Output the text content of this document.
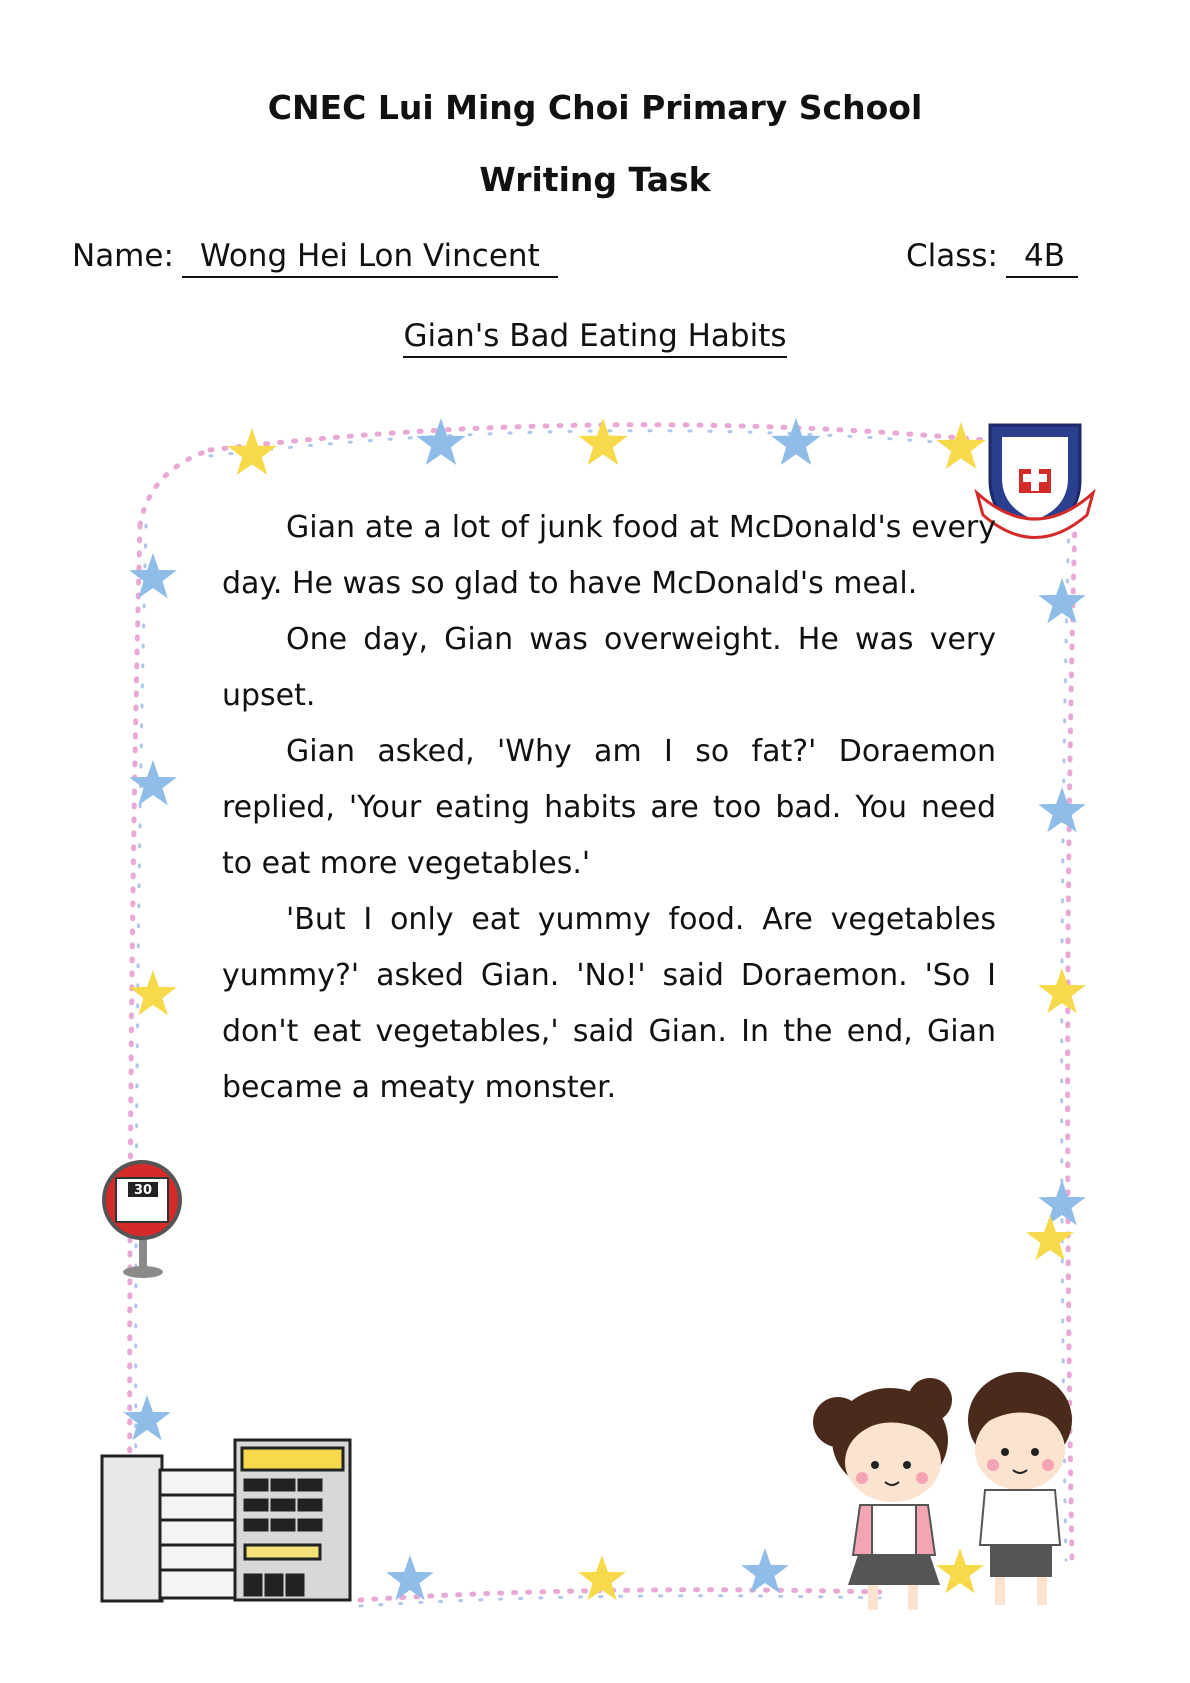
30
CNEC Lui Ming Choi Primary School
Writing Task
Name: Wong Hei Lon Vincent	Class: 4B
Gian's Bad Eating Habits

Gian ate a lot of junk food at McDonald's every day. He was so glad to have McDonald's meal.

One day, Gian was overweight. He was very upset.

Gian asked, 'Why am I so fat?' Doraemon replied, 'Your eating habits are too bad. You need to eat more vegetables.'

'But I only eat yummy food. Are vegetables yummy?' asked Gian. 'No!' said Doraemon. 'So I don't eat vegetables,' said Gian. In the end, Gian became a meaty monster.
